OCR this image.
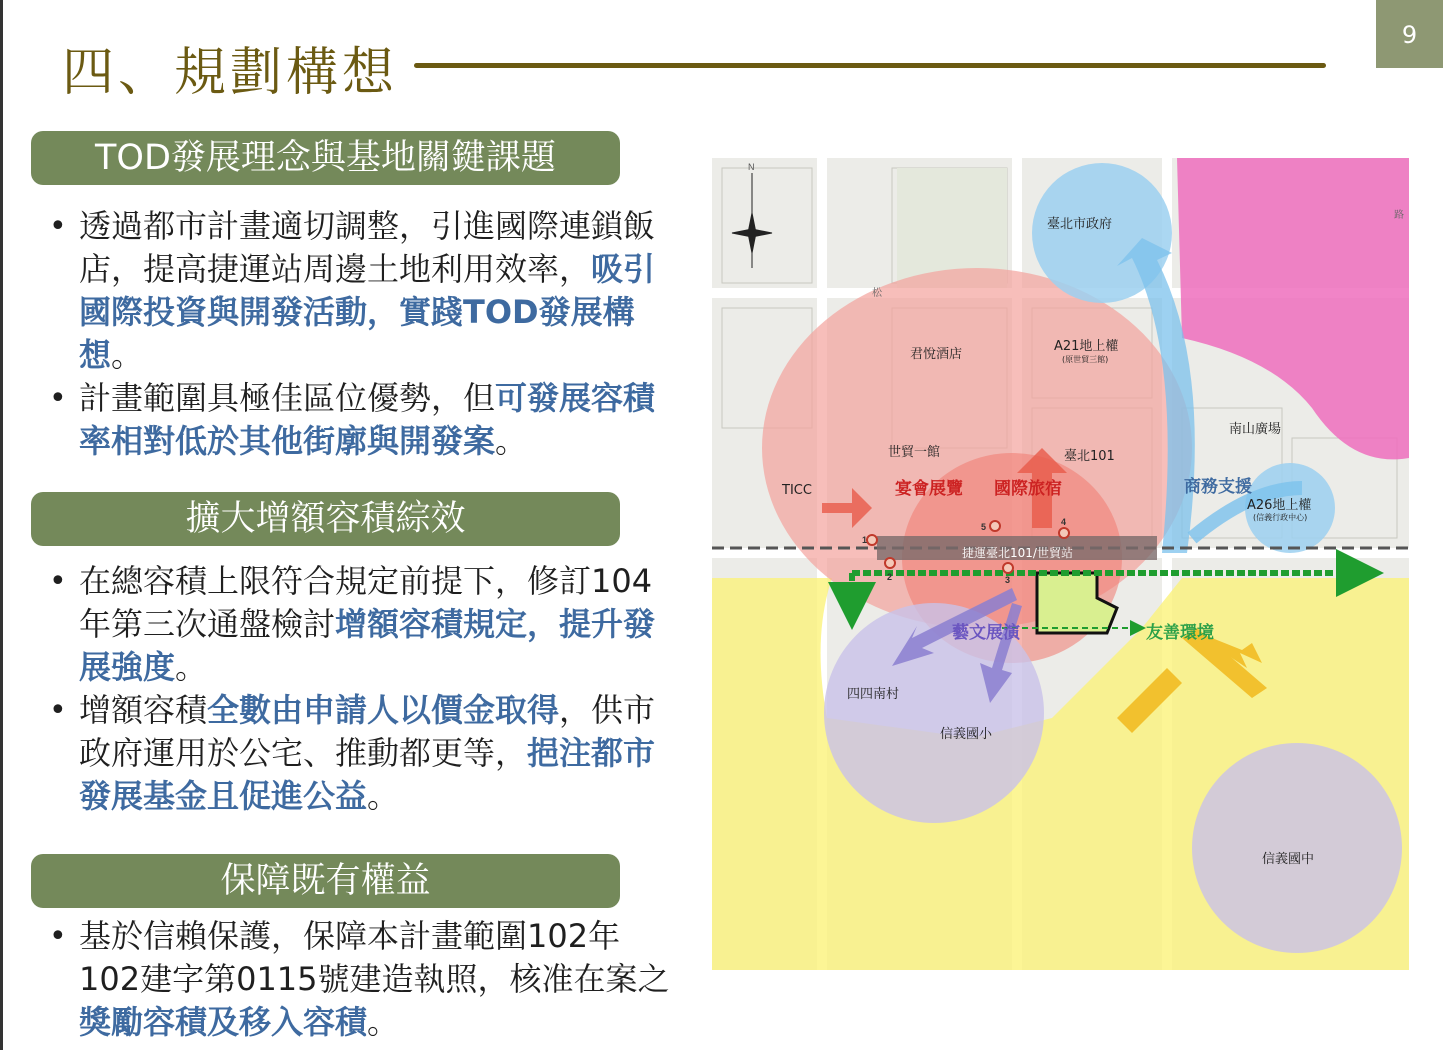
9
四、規劃構想
TOD發展理念與基地關鍵課題
• 透過都市計畫適切調整，引進國際連鎖飯店，提高捷運站周邊土地利用效率，吸引國際投資與開發活動，實踐TOD發展構想。
• 計畫範圍具極佳區位優勢，但可發展容積率相對低於其他街廓與開發案。
擴大增額容積綜效
• 在總容積上限符合規定前提下，修訂104年第三次通盤檢討增額容積規定，提升發展強度。
• 增額容積全數由申請人以價金取得，供市政府運用於公宅、推動都更等，挹注都市發展基金且促進公益。
保障既有權益
• 基於信賴保護，保障本計畫範圍102年102建字第0115號建造執照，核准在案之獎勵容積及移入容積。
1
2	3
4
5
N
松
路
臺北市政府
君悅酒店
A21地上權
(原世貿三館)
南山廣場
世貿一館	臺北101
TICC
A26地上權
(信義行政中心)
四四南村
信義國小
信義國中
捷運臺北101/世貿站
宴會展覽 國際旅宿	商務支援
藝文展演	友善環境
